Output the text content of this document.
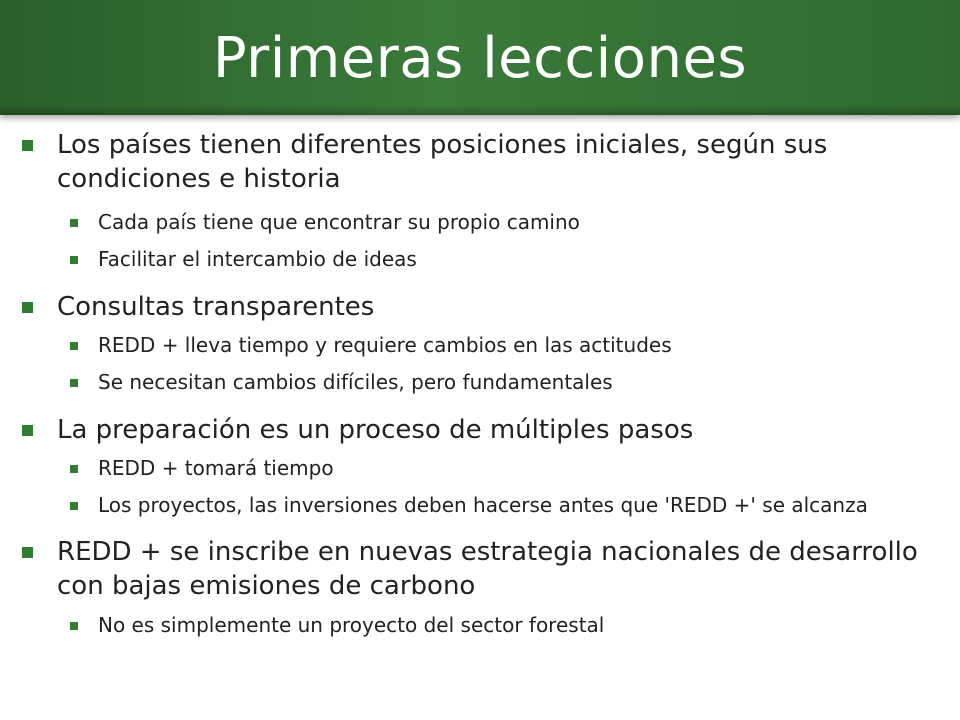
Primeras lecciones
Los países tienen diferentes posiciones iniciales, según sus condiciones e historia
Cada país tiene que encontrar su propio camino
Facilitar el intercambio de ideas
Consultas transparentes
REDD + lleva tiempo y requiere cambios en las actitudes
Se necesitan cambios difíciles, pero fundamentales
La preparación es un proceso de múltiples pasos
REDD + tomará tiempo
Los proyectos, las inversiones deben hacerse antes que 'REDD +' se alcanza
REDD + se inscribe en nuevas estrategia nacionales de desarrollo con bajas emisiones de carbono
No es simplemente un proyecto del sector forestal
